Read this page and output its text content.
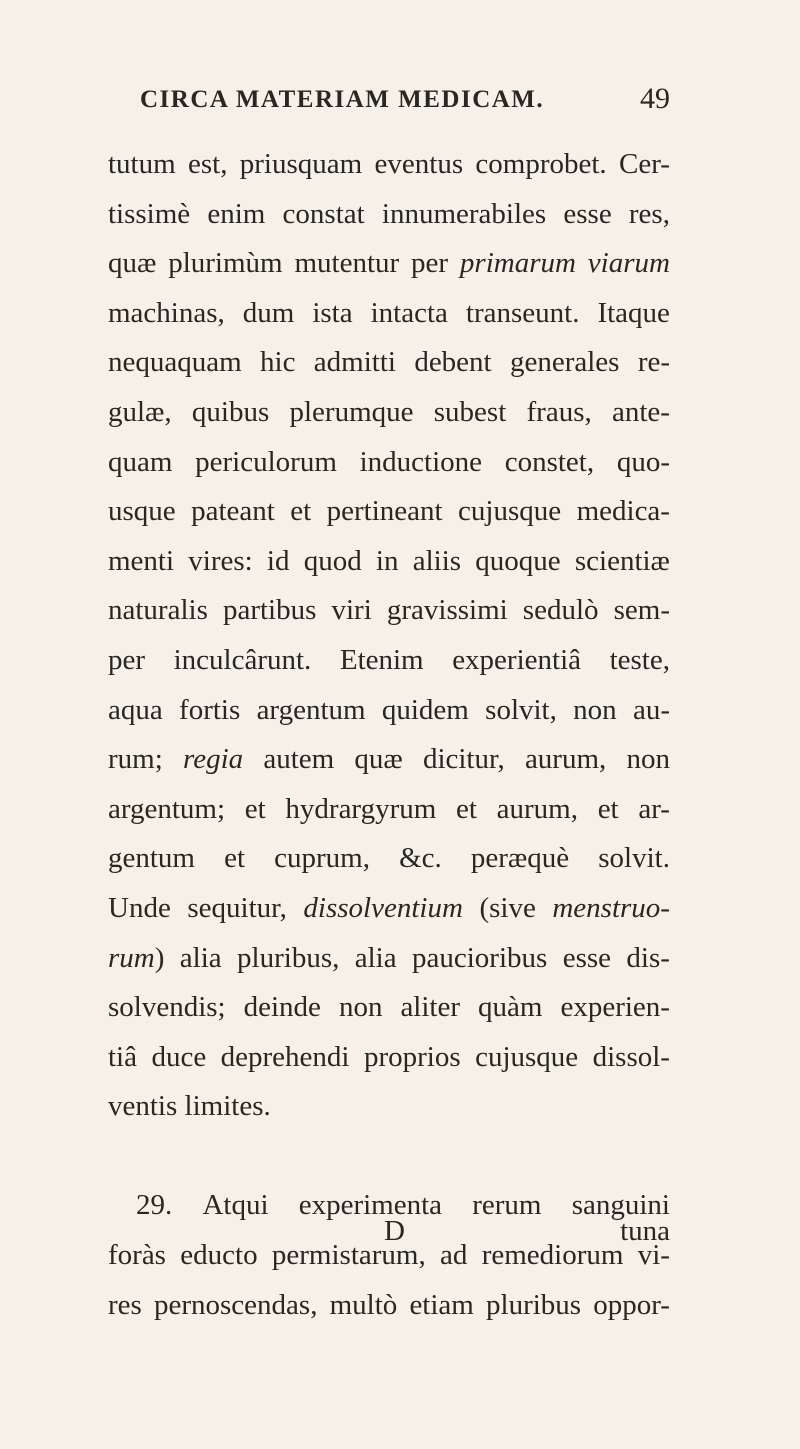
CIRCA MATERIAM MEDICAM.	49
tutum est, priusquam eventus comprobet. Cer-
tissimè enim constat innumerabiles esse res,
quæ plurimùm mutentur per primarum viarum
machinas, dum ista intacta transeunt. Itaque
nequaquam hic admitti debent generales re-
gulæ, quibus plerumque subest fraus, ante-
quam periculorum inductione constet, quo-
usque pateant et pertineant cujusque medica-
menti vires: id quod in aliis quoque scientiæ
naturalis partibus viri gravissimi sedulò sem-
per inculcârunt. Etenim experientiâ teste,
aqua fortis argentum quidem solvit, non au-
rum; regia autem quæ dicitur, aurum, non
argentum; et hydrargyrum et aurum, et ar-
gentum et cuprum, &c. peræquè solvit.
Unde sequitur, dissolventium (sive menstruo-
rum) alia pluribus, alia paucioribus esse dis-
solvendis; deinde non aliter quàm experien-
tiâ duce deprehendi proprios cujusque dissol-
ventis
limites.
29. Atqui experimenta rerum sanguini
foràs educto permistarum, ad remediorum vi-
res pernoscendas, multò etiam pluribus oppor-
D	tuna
